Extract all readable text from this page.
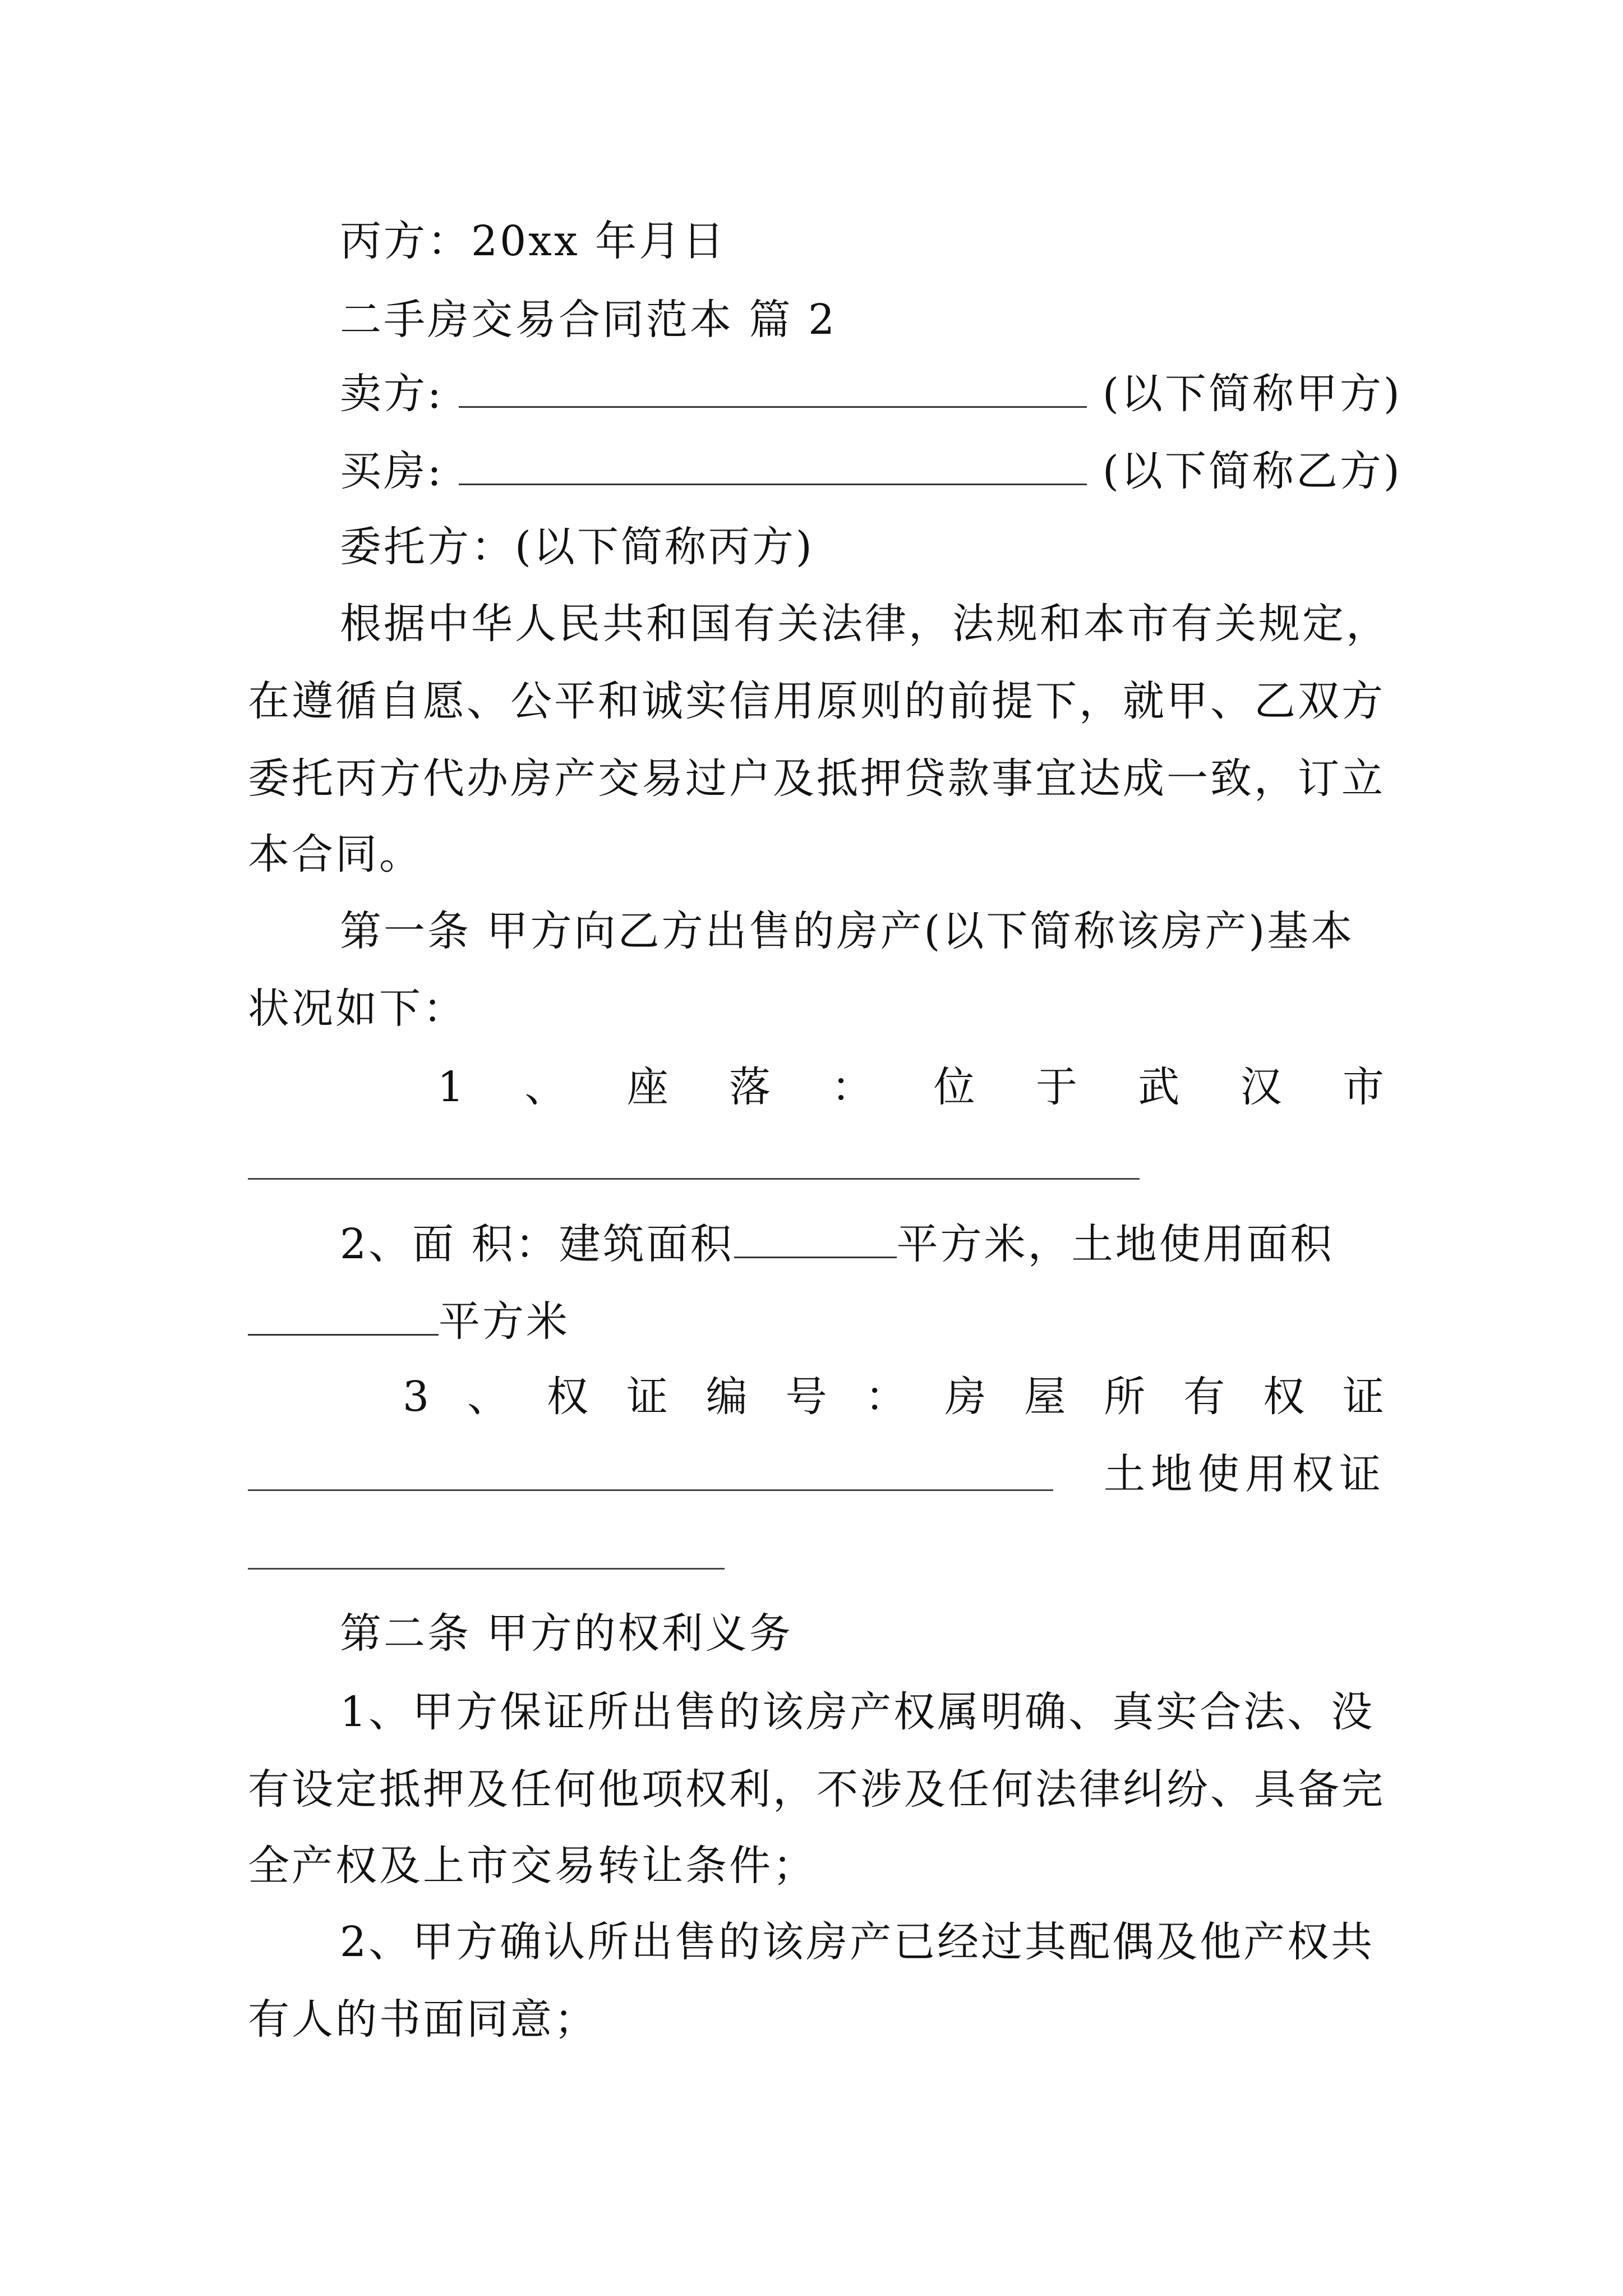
丙方：20xx 年月日
二手房交易合同范本 篇 2
卖方:	(以下简称甲方)
买房:	(以下简称乙方)
委托方：(以下简称丙方)
根据中华人民共和国有关法律，法规和本市有关规定，
在遵循自愿、公平和诚实信用原则的前提下，就甲、乙双方
委托丙方代办房产交易过户及抵押贷款事宜达成一致，订立
本合同。
第一条 甲方向乙方出售的房产(以下简称该房产)基本
状况如下：
1 、 座 落 ： 位 于 武 汉 市
2、面 积：建筑面积	平方米，土地使用面积
平方米
3 、 权 证 编 号 ： 房 屋 所 有 权 证
土地使用权证
第二条 甲方的权利义务
1、甲方保证所出售的该房产权属明确、真实合法、没
有设定抵押及任何他项权利，不涉及任何法律纠纷、具备完
全产权及上市交易转让条件；
2、甲方确认所出售的该房产已经过其配偶及他产权共
有人的书面同意；
